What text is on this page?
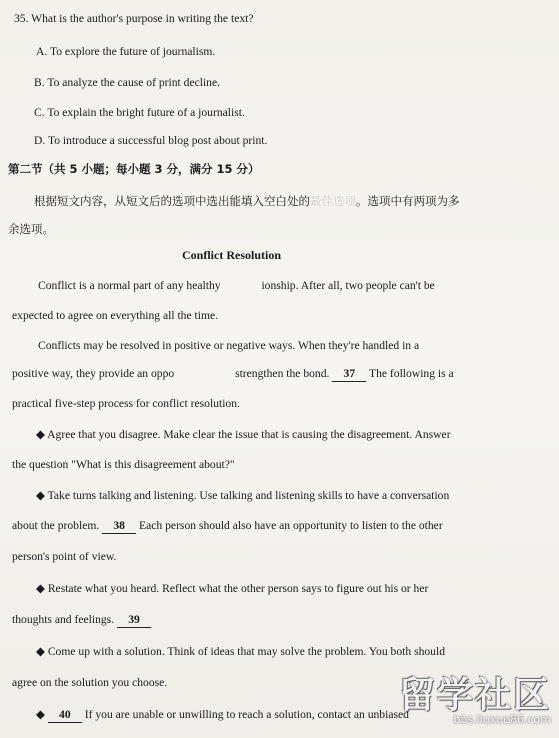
35. What is the author's purpose in writing the text?
A. To explore the future of journalism.
B. To analyze the cause of print decline.
C. To explain the bright future of a journalist.
D. To introduce a successful blog post about print.
第二节（共 5 小题；每小题 3 分，满分 15 分）
根据短文内容，从短文后的选项中选出能填入空白处的最佳选项。选项中有两项为多
余选项。
Conflict Resolution
Conflict is a normal part of any healthy	ionship. After all, two people can't be
expected to agree on everything all the time.
Conflicts may be resolved in positive or negative ways. When they're handled in a
positive way, they provide an oppo	strengthen the bond. 37 The following is a
practical five-step process for conflict resolution.
◆ Agree that you disagree. Make clear the issue that is causing the disagreement. Answer
the question "What is this disagreement about?"
◆ Take turns talking and listening. Use talking and listening skills to have a conversation
about the problem. 38 Each person should also have an opportunity to listen to the other
person's point of view.
◆ Restate what you heard. Reflect what the other person says to figure out his or her
thoughts and feelings. 39
◆ Come up with a solution. Think of ideas that may solve the problem. You both should
agree on the solution you choose.
◆ 40 If you are unable or unwilling to reach a solution, contact an unbiased
留学社区
bbs.liuxue86.com
